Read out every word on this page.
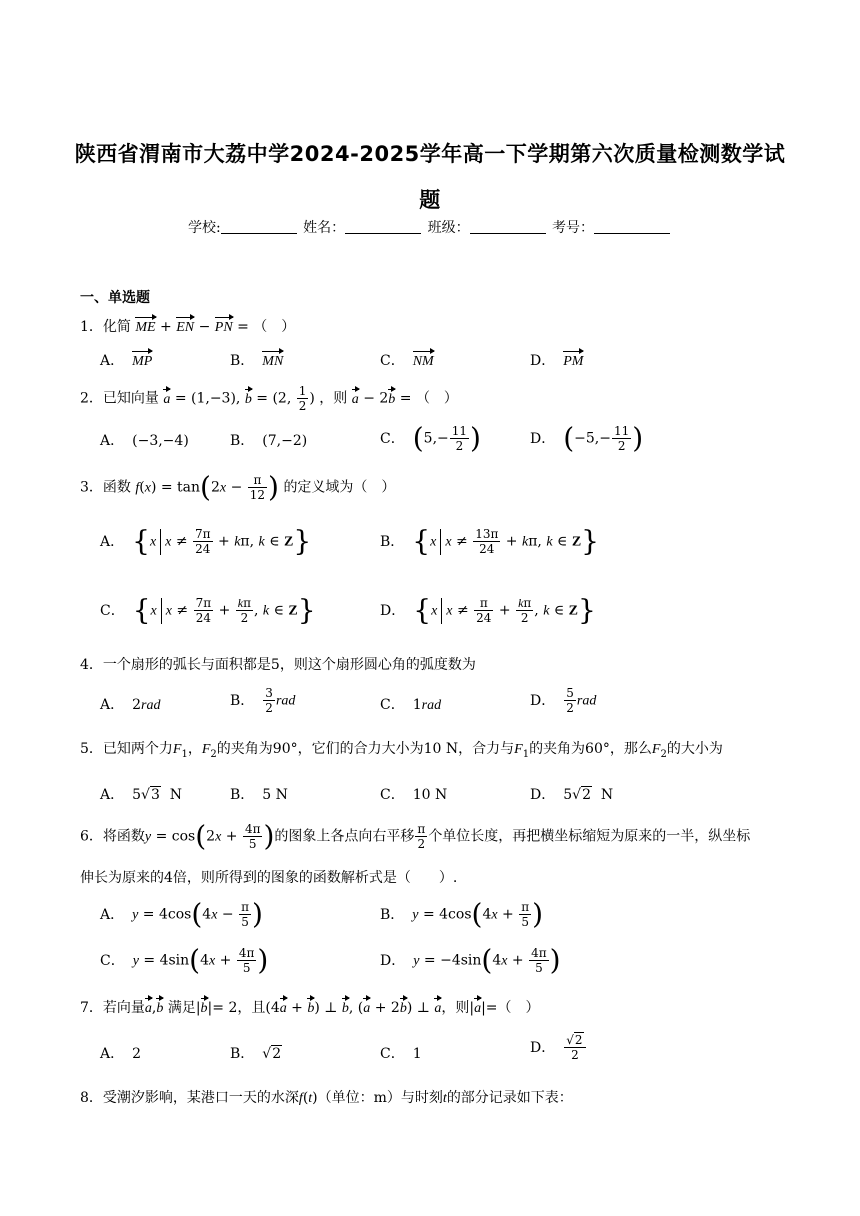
陕西省渭南市大荔中学2024-2025学年高一下学期第六次质量检测数学试
题
学校:	姓名：	班级：	考号：
一、单选题
1．化简 ME + EN − PN = （　）
A． MP	B． MN	C． NM	D． PM
2．已知向量 a = (1,−3), b = (2, $\frac{1}{2}$ ) ，则 a − 2b = （　）
A． (−3,−4)	B． (7,−2)	C． ($5,- \frac{11}{2}$ )	D． ($-5,- \frac{11}{2}$ )
3．函数 $f(x) = \tan(2x - \frac{\pi}{12}$ ) 的定义域为（　）
A． {x $x \ne \frac{7\pi}{24} + k\pi$, k ∈ Z}	B． {x $x \ne \frac{13\pi}{24} + k\pi$, k ∈ Z}
C． {x $x \ne \frac{7\pi}{24} + \frac{k\pi}{2}$ , k ∈ Z}	D． {x $x \ne \frac{\pi}{24} + \frac{k\pi}{2}$ , k ∈ Z}
4．一个扇形的弧长与面积都是5，则这个扇形圆心角的弧度数为
A． 2rad	B． $\frac{3}{2}$ rad	C． 1rad	D． $\frac{5}{2}$ rad
5．已知两个力$F_1$，$F_2$的夹角为90°，它们的合力大小为10 N，合力与$F_1$的夹角为60°，那么$F_2$的大小为
A． 5√3  N	B． 5 N	C． 10 N	D． 5√2  N
6．将函数$y = \cos(2x + \frac{4\pi}{5}$ )的图象上各点向右平移 $\frac{\pi}{2}$ 个单位长度，再把横坐标缩短为原来的一半，纵坐标
伸长为原来的4倍，则所得到的图象的函数解析式是（　　）.
A． $y = 4\cos(4x - \frac{\pi}{5}$ )	B． $y = 4\cos(4x + \frac{\pi}{5}$ )
C． $y = 4\sin(4x + \frac{4\pi}{5}$ )	D． $y = -4\sin(4x + \frac{4\pi}{5}$ )
7．若向量a,b 满足|b|= 2，且(4a + b) ⊥ b, (a + 2b) ⊥ a，则|a|=（　）
A． 2	B． √2	C． 1	D． $\frac{√2}{2}$
8．受潮汐影响，某港口一天的水深f(t)（单位：m）与时刻t的部分记录如下表：
